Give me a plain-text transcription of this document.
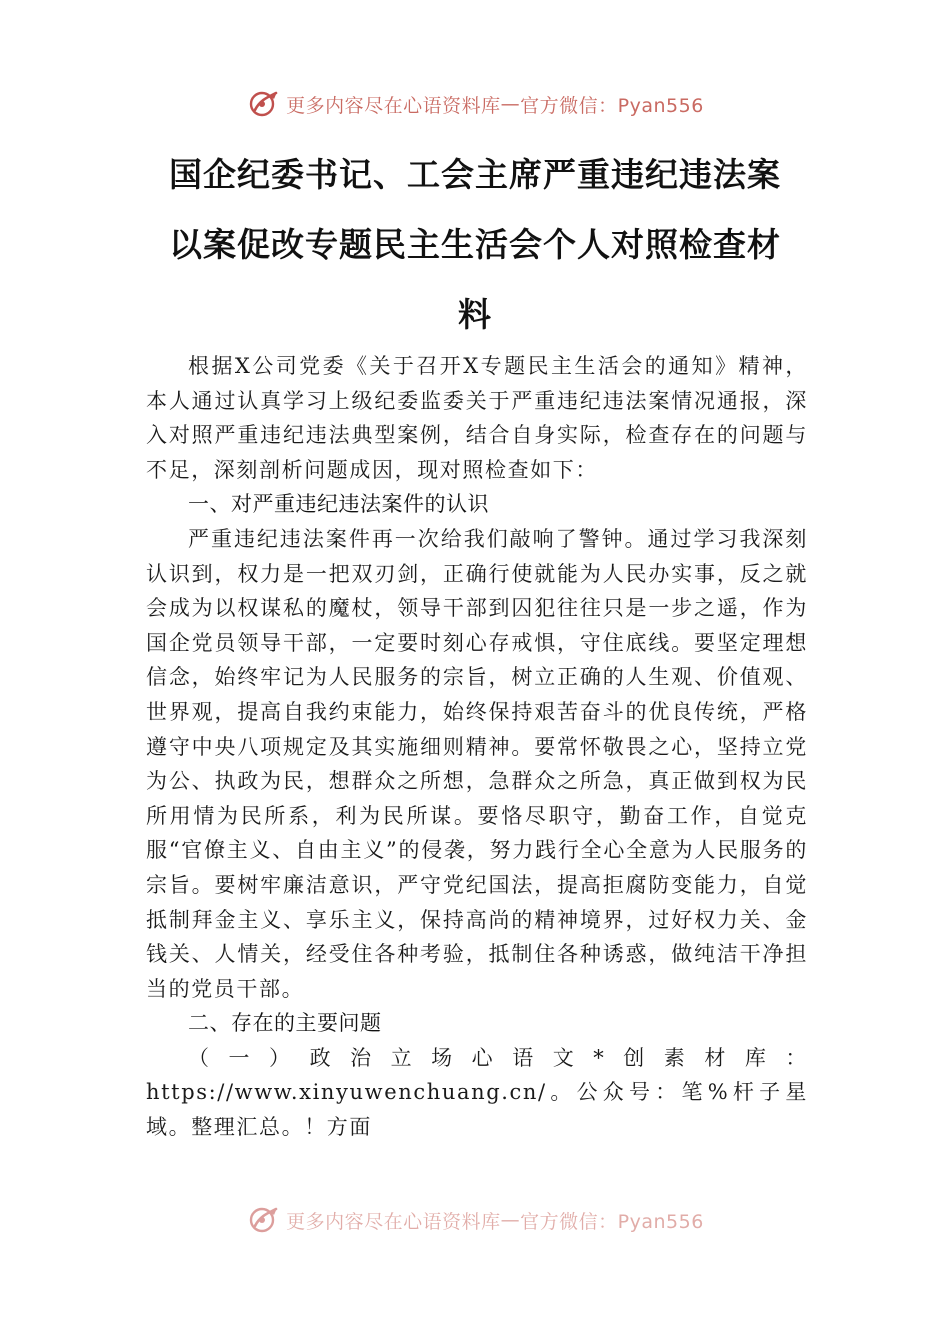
更多内容尽在心语资料库 — 官方微信：Pyan556
国企纪委书记、工会主席严重违纪违法案
以案促改专题民主生活会个人对照检查材
料

根据X公司党委《关于召开X专题民主生活会的通知》精神，本人通过认真学习上级纪委监委关于严重违纪违法案情况通报，深入对照严重违纪违法典型案例，结合自身实际，检查存在的问题与不足，深刻剖析问题成因，现对照检查如下：

一、对严重违纪违法案件的认识

严重违纪违法案件再一次给我们敲响了警钟。通过学习我深刻认识到，权力是一把双刃剑，正确行使就能为人民办实事，反之就会成为以权谋私的魔杖，领导干部到囚犯往往只是一步之遥，作为国企党员领导干部，一定要时刻心存戒惧，守住底线。要坚定理想信念，始终牢记为人民服务的宗旨，树立正确的人生观、价值观、世界观，提高自我约束能力，始终保持艰苦奋斗的优良传统，严格遵守中央八项规定及其实施细则精神。要常怀敬畏之心，坚持立党为公、执政为民，想群众之所想，急群众之所急，真正做到权为民所用情为民所系，利为民所谋。要恪尽职守，勤奋工作，自觉克服“官僚主义、自由主义”的侵袭，努力践行全心全意为人民服务的宗旨。要树牢廉洁意识，严守党纪国法，提高拒腐防变能力，自觉抵制拜金主义、享乐主义，保持高尚的精神境界，过好权力关、金钱关、人情关，经受住各种考验，抵制住各种诱惑，做纯洁干净担当的党员干部。

二、存在的主要问题

（一）政治立场心语文*创素材库：https://www.xinyuwenchuang.cn/。公众号：笔%杆子星域。整理汇总。！方面

更多内容尽在心语资料库 — 官方微信：Pyan556
